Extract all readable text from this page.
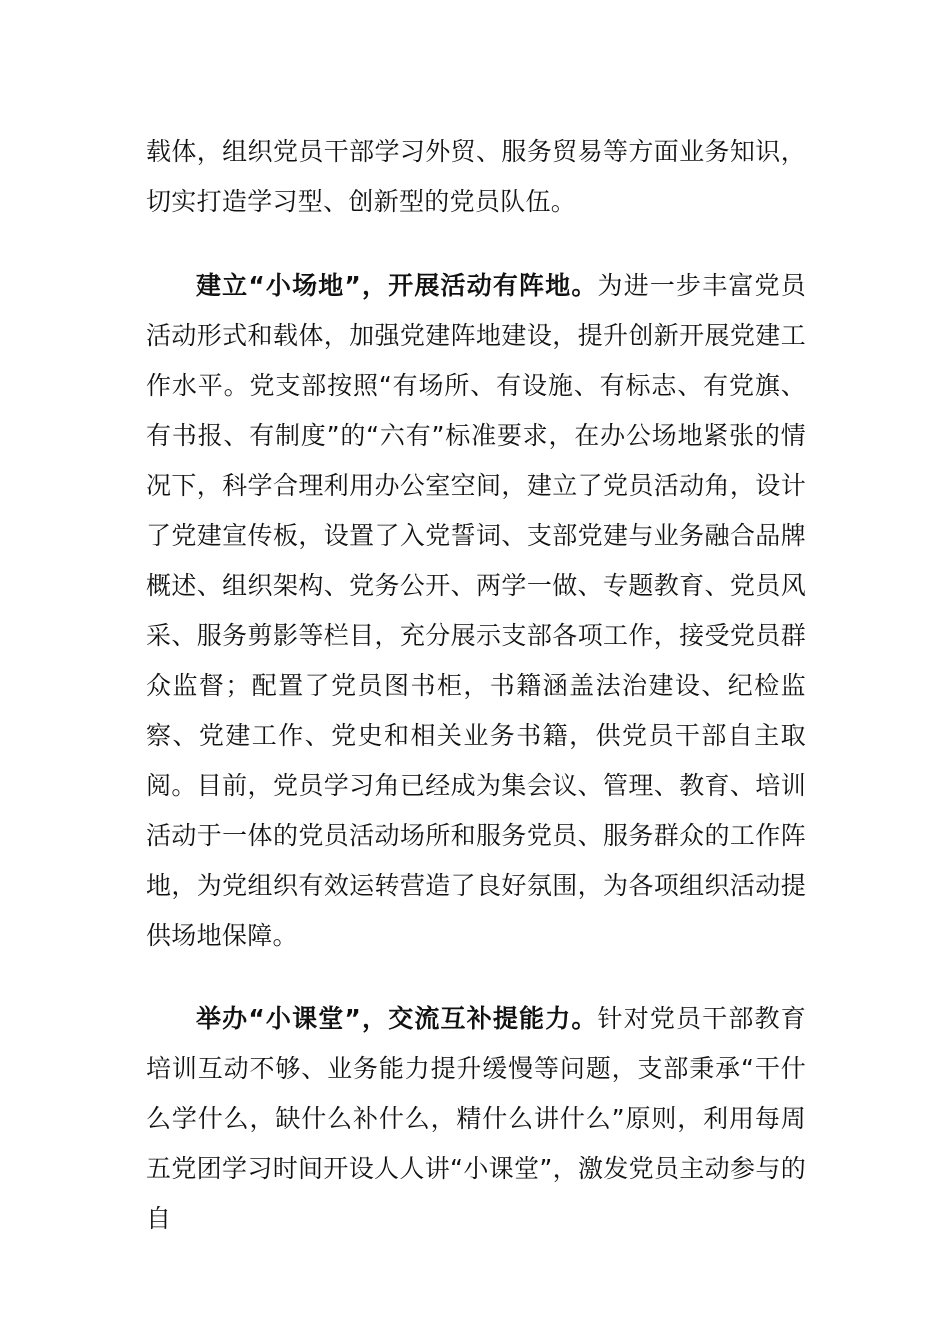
载体，组织党员干部学习外贸、服务贸易等方面业务知识，切实打造学习型、创新型的党员队伍。

建立“小场地”，开展活动有阵地。为进一步丰富党员活动形式和载体，加强党建阵地建设，提升创新开展党建工作水平。党支部按照“有场所、有设施、有标志、有党旗、有书报、有制度”的“六有”标准要求，在办公场地紧张的情况下，科学合理利用办公室空间，建立了党员活动角，设计了党建宣传板，设置了入党誓词、支部党建与业务融合品牌概述、组织架构、党务公开、两学一做、专题教育、党员风采、服务剪影等栏目，充分展示支部各项工作，接受党员群众监督；配置了党员图书柜，书籍涵盖法治建设、纪检监察、党建工作、党史和相关业务书籍，供党员干部自主取阅。目前，党员学习角已经成为集会议、管理、教育、培训活动于一体的党员活动场所和服务党员、服务群众的工作阵地，为党组织有效运转营造了良好氛围，为各项组织活动提供场地保障。

举办“小课堂”，交流互补提能力。针对党员干部教育培训互动不够、业务能力提升缓慢等问题，支部秉承“干什么学什么，缺什么补什么，精什么讲什么”原则，利用每周五党团学习时间开设人人讲“小课堂”，激发党员主动参与的自
